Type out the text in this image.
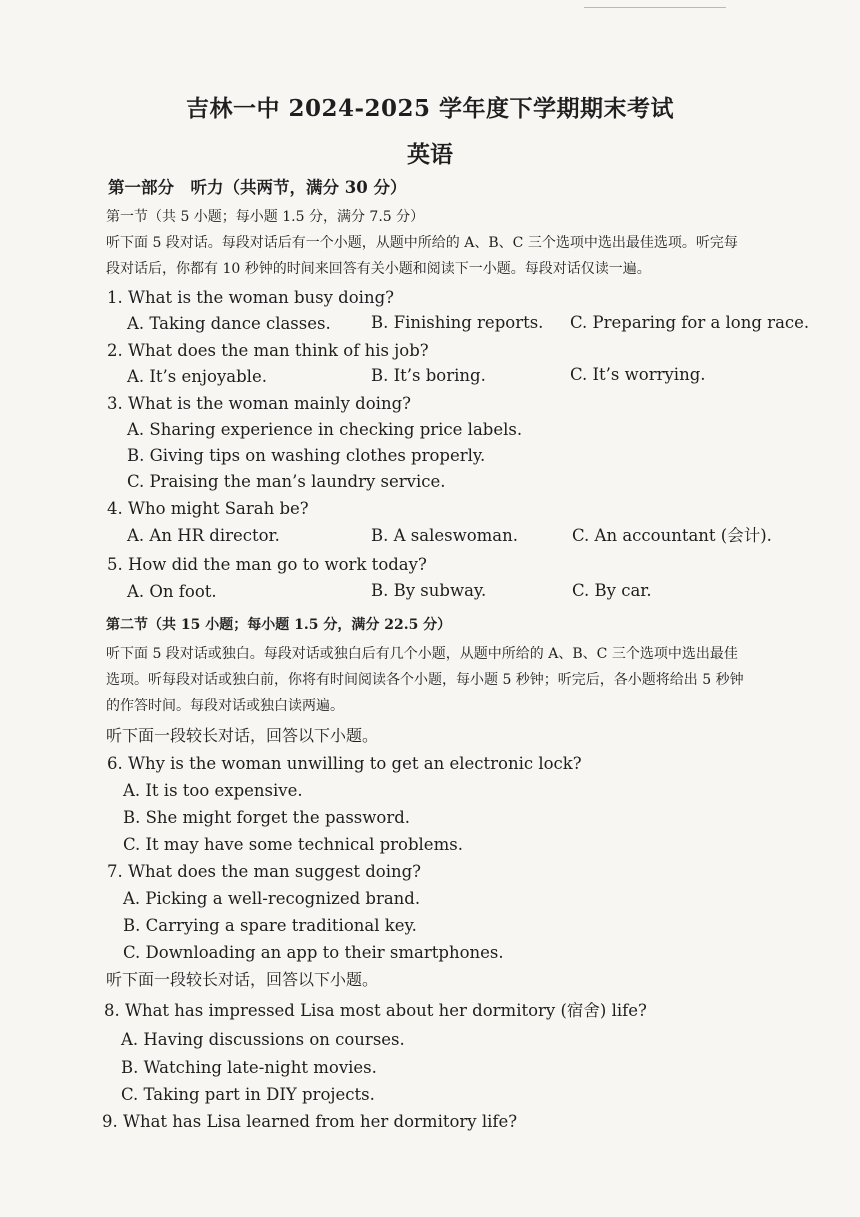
吉林一中 2024-2025 学年度下学期期末考试
英语
第一部分　听力（共两节，满分 30 分）
第一节（共 5 小题；每小题 1.5 分，满分 7.5 分）
听下面 5 段对话。每段对话后有一个小题，从题中所给的 A、B、C 三个选项中选出最佳选项。听完每
段对话后，你都有 10 秒钟的时间来回答有关小题和阅读下一小题。每段对话仅读一遍。
1. What is the woman busy doing?
A. Taking dance classes. B. Finishing reports. C. Preparing for a long race.
2. What does the man think of his job?
A. It’s enjoyable.	B. It’s boring.	C. It’s worrying.
3. What is the woman mainly doing?
A. Sharing experience in checking price labels.
B. Giving tips on washing clothes properly.
C. Praising the man’s laundry service.
4. Who might Sarah be?
A. An HR director.	B. A saleswoman.	C. An accountant (会计).
5. How did the man go to work today?
A. On foot.	B. By subway.	C. By car.
第二节（共 15 小题；每小题 1.5 分，满分 22.5 分）
听下面 5 段对话或独白。每段对话或独白后有几个小题，从题中所给的 A、B、C 三个选项中选出最佳
选项。听每段对话或独白前，你将有时间阅读各个小题，每小题 5 秒钟；听完后，各小题将给出 5 秒钟
的作答时间。每段对话或独白读两遍。
听下面一段较长对话，回答以下小题。
6. Why is the woman unwilling to get an electronic lock?
A. It is too expensive.
B. She might forget the password.
C. It may have some technical problems.
7. What does the man suggest doing?
A. Picking a well-recognized brand.
B. Carrying a spare traditional key.
C. Downloading an app to their smartphones.
听下面一段较长对话，回答以下小题。
8. What has impressed Lisa most about her dormitory (宿舍) life?
A. Having discussions on courses.
B. Watching late-night movies.
C. Taking part in DIY projects.
9. What has Lisa learned from her dormitory life?
